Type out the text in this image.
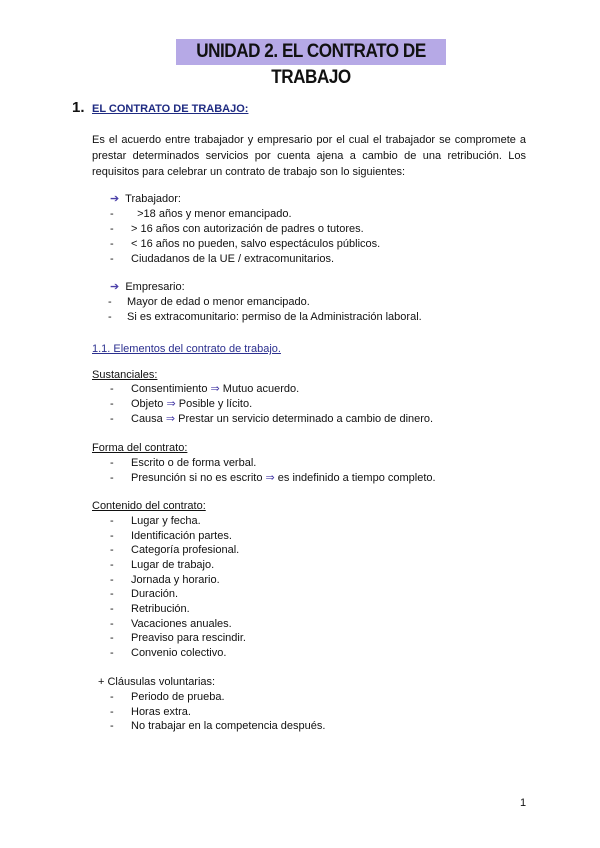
UNIDAD 2. EL CONTRATO DE TRABAJO
1. EL CONTRATO DE TRABAJO:
Es el acuerdo entre trabajador y empresario por el cual el trabajador se compromete a prestar determinados servicios por cuenta ajena a cambio de una retribución. Los requisitos para celebrar un contrato de trabajo son lo siguientes:
➔ Trabajador:
- >18 años y menor emancipado.
- > 16 años con autorización de padres o tutores.
- < 16 años no pueden, salvo espectáculos públicos.
- Ciudadanos de la UE / extracomunitarios.
➔ Empresario:
- Mayor de edad o menor emancipado.
- Si es extracomunitario: permiso de la Administración laboral.
1.1. Elementos del contrato de trabajo.
Sustanciales:
- Consentimiento ⇒ Mutuo acuerdo.
- Objeto ⇒ Posible y lícito.
- Causa ⇒ Prestar un servicio determinado a cambio de dinero.
Forma del contrato:
- Escrito o de forma verbal.
- Presunción si no es escrito ⇒ es indefinido a tiempo completo.
Contenido del contrato:
- Lugar y fecha.
- Identificación partes.
- Categoría profesional.
- Lugar de trabajo.
- Jornada y horario.
- Duración.
- Retribución.
- Vacaciones anuales.
- Preaviso para rescindir.
- Convenio colectivo.
+ Cláusulas voluntarias:
- Periodo de prueba.
- Horas extra.
- No trabajar en la competencia después.
1
